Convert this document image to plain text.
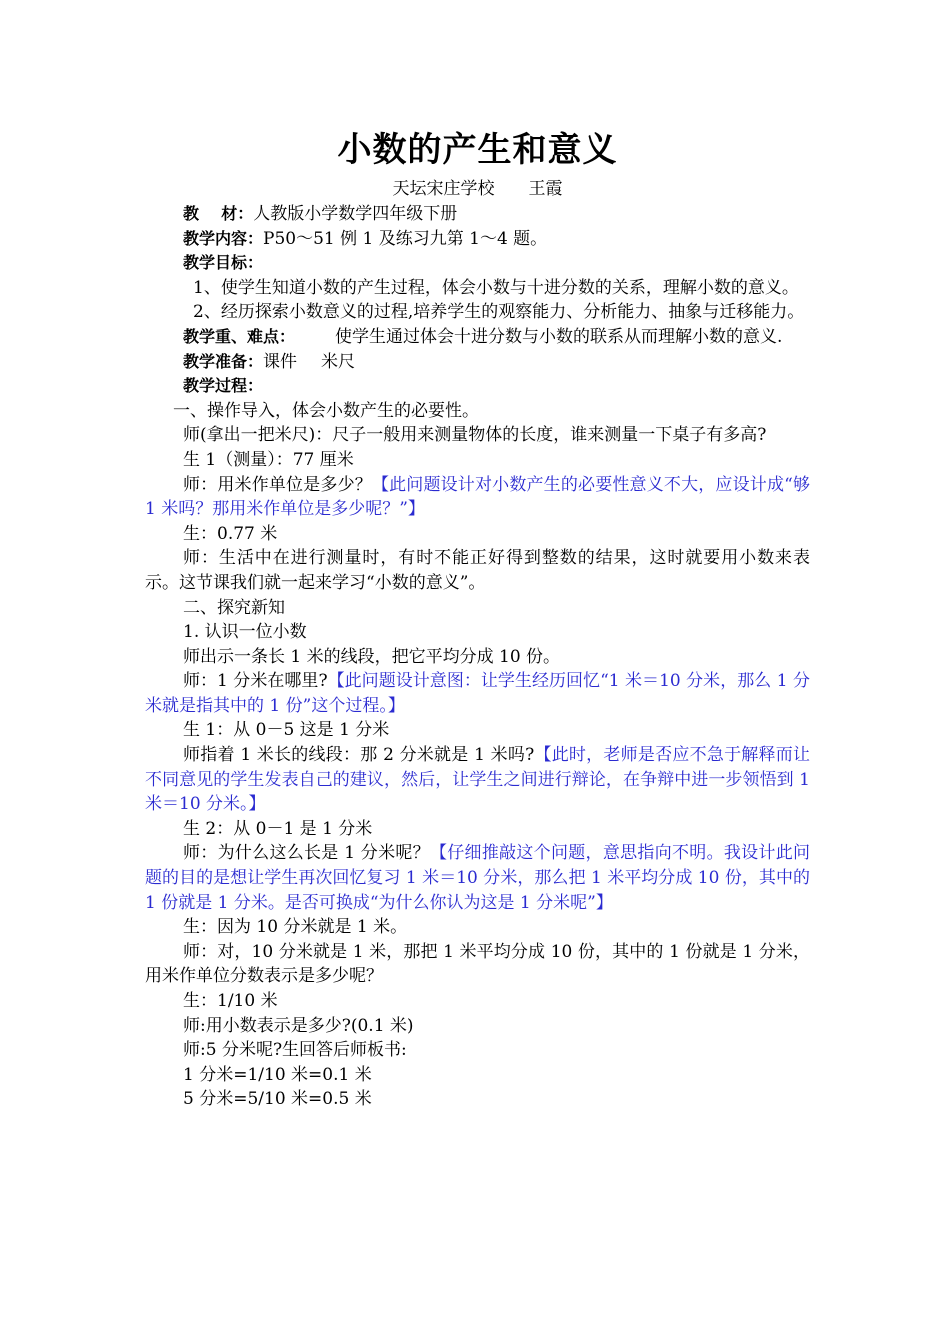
小数的产生和意义
天坛宋庄学校 王霞

教    材：人教版小学数学四年级下册

教学内容：P50～51 例 1 及练习九第 1～4 题。

教学目标：

1、使学生知道小数的产生过程，体会小数与十进分数的关系，理解小数的意义。

2、经历探索小数意义的过程,培养学生的观察能力、分析能力、抽象与迁移能力。

教学重、难点： 使学生通过体会十进分数与小数的联系从而理解小数的意义.

教学准备：课件 米尺

教学过程：

一、操作导入，体会小数产生的必要性。

师(拿出一把米尺)：尺子一般用来测量物体的长度，谁来测量一下桌子有多高?

生 1（测量）：77 厘米

师：用米作单位是多少？【此问题设计对小数产生的必要性意义不大，应设计成“够 1 米吗？那用米作单位是多少呢？”】

生：0.77 米

师：生活中在进行测量时，有时不能正好得到整数的结果，这时就要用小数来表示。这节课我们就一起来学习“小数的意义”。

二、探究新知

1. 认识一位小数

师出示一条长 1 米的线段，把它平均分成 10 份。

师：1 分米在哪里?【此问题设计意图：让学生经历回忆“1 米＝10 分米，那么 1 分米就是指其中的 1 份”这个过程。】

生 1：从 0－5 这是 1 分米

师指着 1 米长的线段：那 2 分米就是 1 米吗?【此时，老师是否应不急于解释而让不同意见的学生发表自己的建议，然后，让学生之间进行辩论，在争辩中进一步领悟到 1 米＝10 分米。】

生 2：从 0－1 是 1 分米

师：为什么这么长是 1 分米呢？【仔细推敲这个问题，意思指向不明。我设计此问题的目的是想让学生再次回忆复习 1 米＝10 分米，那么把 1 米平均分成 10 份，其中的 1 份就是 1 分米。是否可换成“为什么你认为这是 1 分米呢”】

生：因为 10 分米就是 1 米。

师：对，10 分米就是 1 米，那把 1 米平均分成 10 份，其中的 1 份就是 1 分米，用米作单位分数表示是多少呢？

生：1/10 米

师:用小数表示是多少?(0.1 米)

师:5 分米呢?生回答后师板书:

1 分米=1/10 米=0.1 米

5 分米=5/10 米=0.5 米
